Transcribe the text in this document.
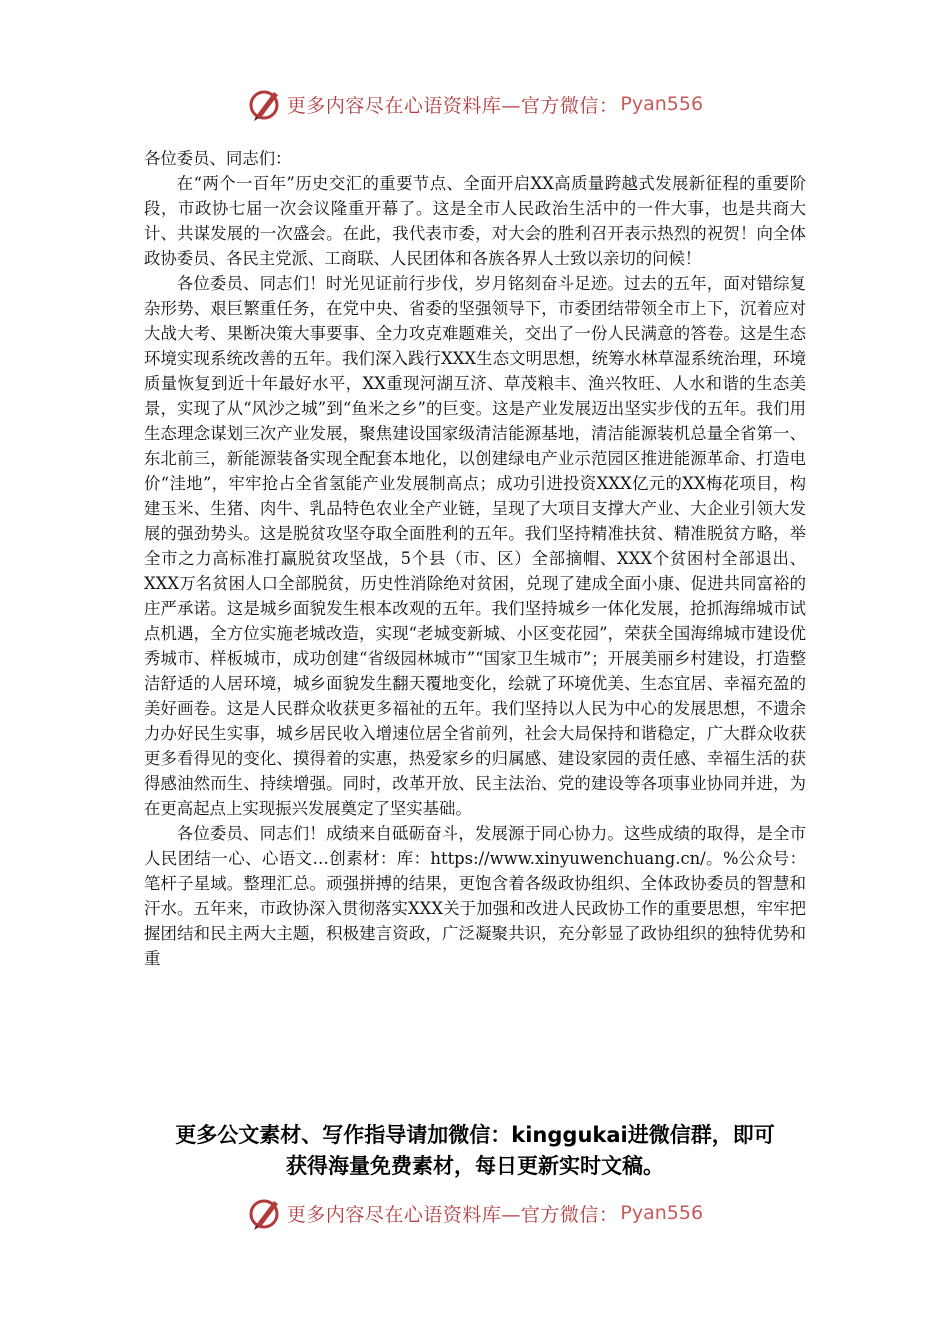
更多内容尽在心语资料库—官方微信： Pyan556

各位委员、同志们：

在“两个一百年”历史交汇的重要节点、全面开启XX高质量跨越式发展新征程的重要阶段，市政协七届一次会议隆重开幕了。这是全市人民政治生活中的一件大事，也是共商大计、共谋发展的一次盛会。在此，我代表市委，对大会的胜利召开表示热烈的祝贺！向全体政协委员、各民主党派、工商联、人民团体和各族各界人士致以亲切的问候！

各位委员、同志们！时光见证前行步伐，岁月铭刻奋斗足迹。过去的五年，面对错综复杂形势、艰巨繁重任务，在党中央、省委的坚强领导下，市委团结带领全市上下，沉着应对大战大考、果断决策大事要事、全力攻克难题难关，交出了一份人民满意的答卷。这是生态环境实现系统改善的五年。我们深入践行XXX生态文明思想，统筹水林草湿系统治理，环境质量恢复到近十年最好水平，XX重现河湖互济、草茂粮丰、渔兴牧旺、人水和谐的生态美景，实现了从“风沙之城”到“鱼米之乡”的巨变。这是产业发展迈出坚实步伐的五年。我们用生态理念谋划三次产业发展，聚焦建设国家级清洁能源基地，清洁能源装机总量全省第一、东北前三，新能源装备实现全配套本地化，以创建绿电产业示范园区推进能源革命、打造电价“洼地”，牢牢抢占全省氢能产业发展制高点；成功引进投资XXX亿元的XX梅花项目，构建玉米、生猪、肉牛、乳品特色农业全产业链，呈现了大项目支撑大产业、大企业引领大发展的强劲势头。这是脱贫攻坚夺取全面胜利的五年。我们坚持精准扶贫、精准脱贫方略，举全市之力高标准打赢脱贫攻坚战，5个县（市、区）全部摘帽、XXX个贫困村全部退出、XXX万名贫困人口全部脱贫，历史性消除绝对贫困，兑现了建成全面小康、促进共同富裕的庄严承诺。这是城乡面貌发生根本改观的五年。我们坚持城乡一体化发展，抢抓海绵城市试点机遇，全方位实施老城改造，实现“老城变新城、小区变花园”，荣获全国海绵城市建设优秀城市、样板城市，成功创建“省级园林城市”“国家卫生城市”；开展美丽乡村建设，打造整洁舒适的人居环境，城乡面貌发生翻天覆地变化，绘就了环境优美、生态宜居、幸福充盈的美好画卷。这是人民群众收获更多福祉的五年。我们坚持以人民为中心的发展思想，不遗余力办好民生实事，城乡居民收入增速位居全省前列，社会大局保持和谐稳定，广大群众收获更多看得见的变化、摸得着的实惠，热爱家乡的归属感、建设家园的责任感、幸福生活的获得感油然而生、持续增强。同时，改革开放、民主法治、党的建设等各项事业协同并进，为在更高起点上实现振兴发展奠定了坚实基础。

各位委员、同志们！成绩来自砥砺奋斗，发展源于同心协力。这些成绩的取得，是全市人民团结一心、心语文…创素材：库：https://www.xinyuwenchuang.cn/。%公众号：笔杆子星域。整理汇总。顽强拼搏的结果，更饱含着各级政协组织、全体政协委员的智慧和汗水。五年来，市政协深入贯彻落实XXX关于加强和改进人民政协工作的重要思想，牢牢把握团结和民主两大主题，积极建言资政，广泛凝聚共识，充分彰显了政协组织的独特优势和重

更多公文素材、写作指导请加微信：kinggukai进微信群，即可
获得海量免费素材，每日更新实时文稿。
更多内容尽在心语资料库—官方微信： Pyan556
